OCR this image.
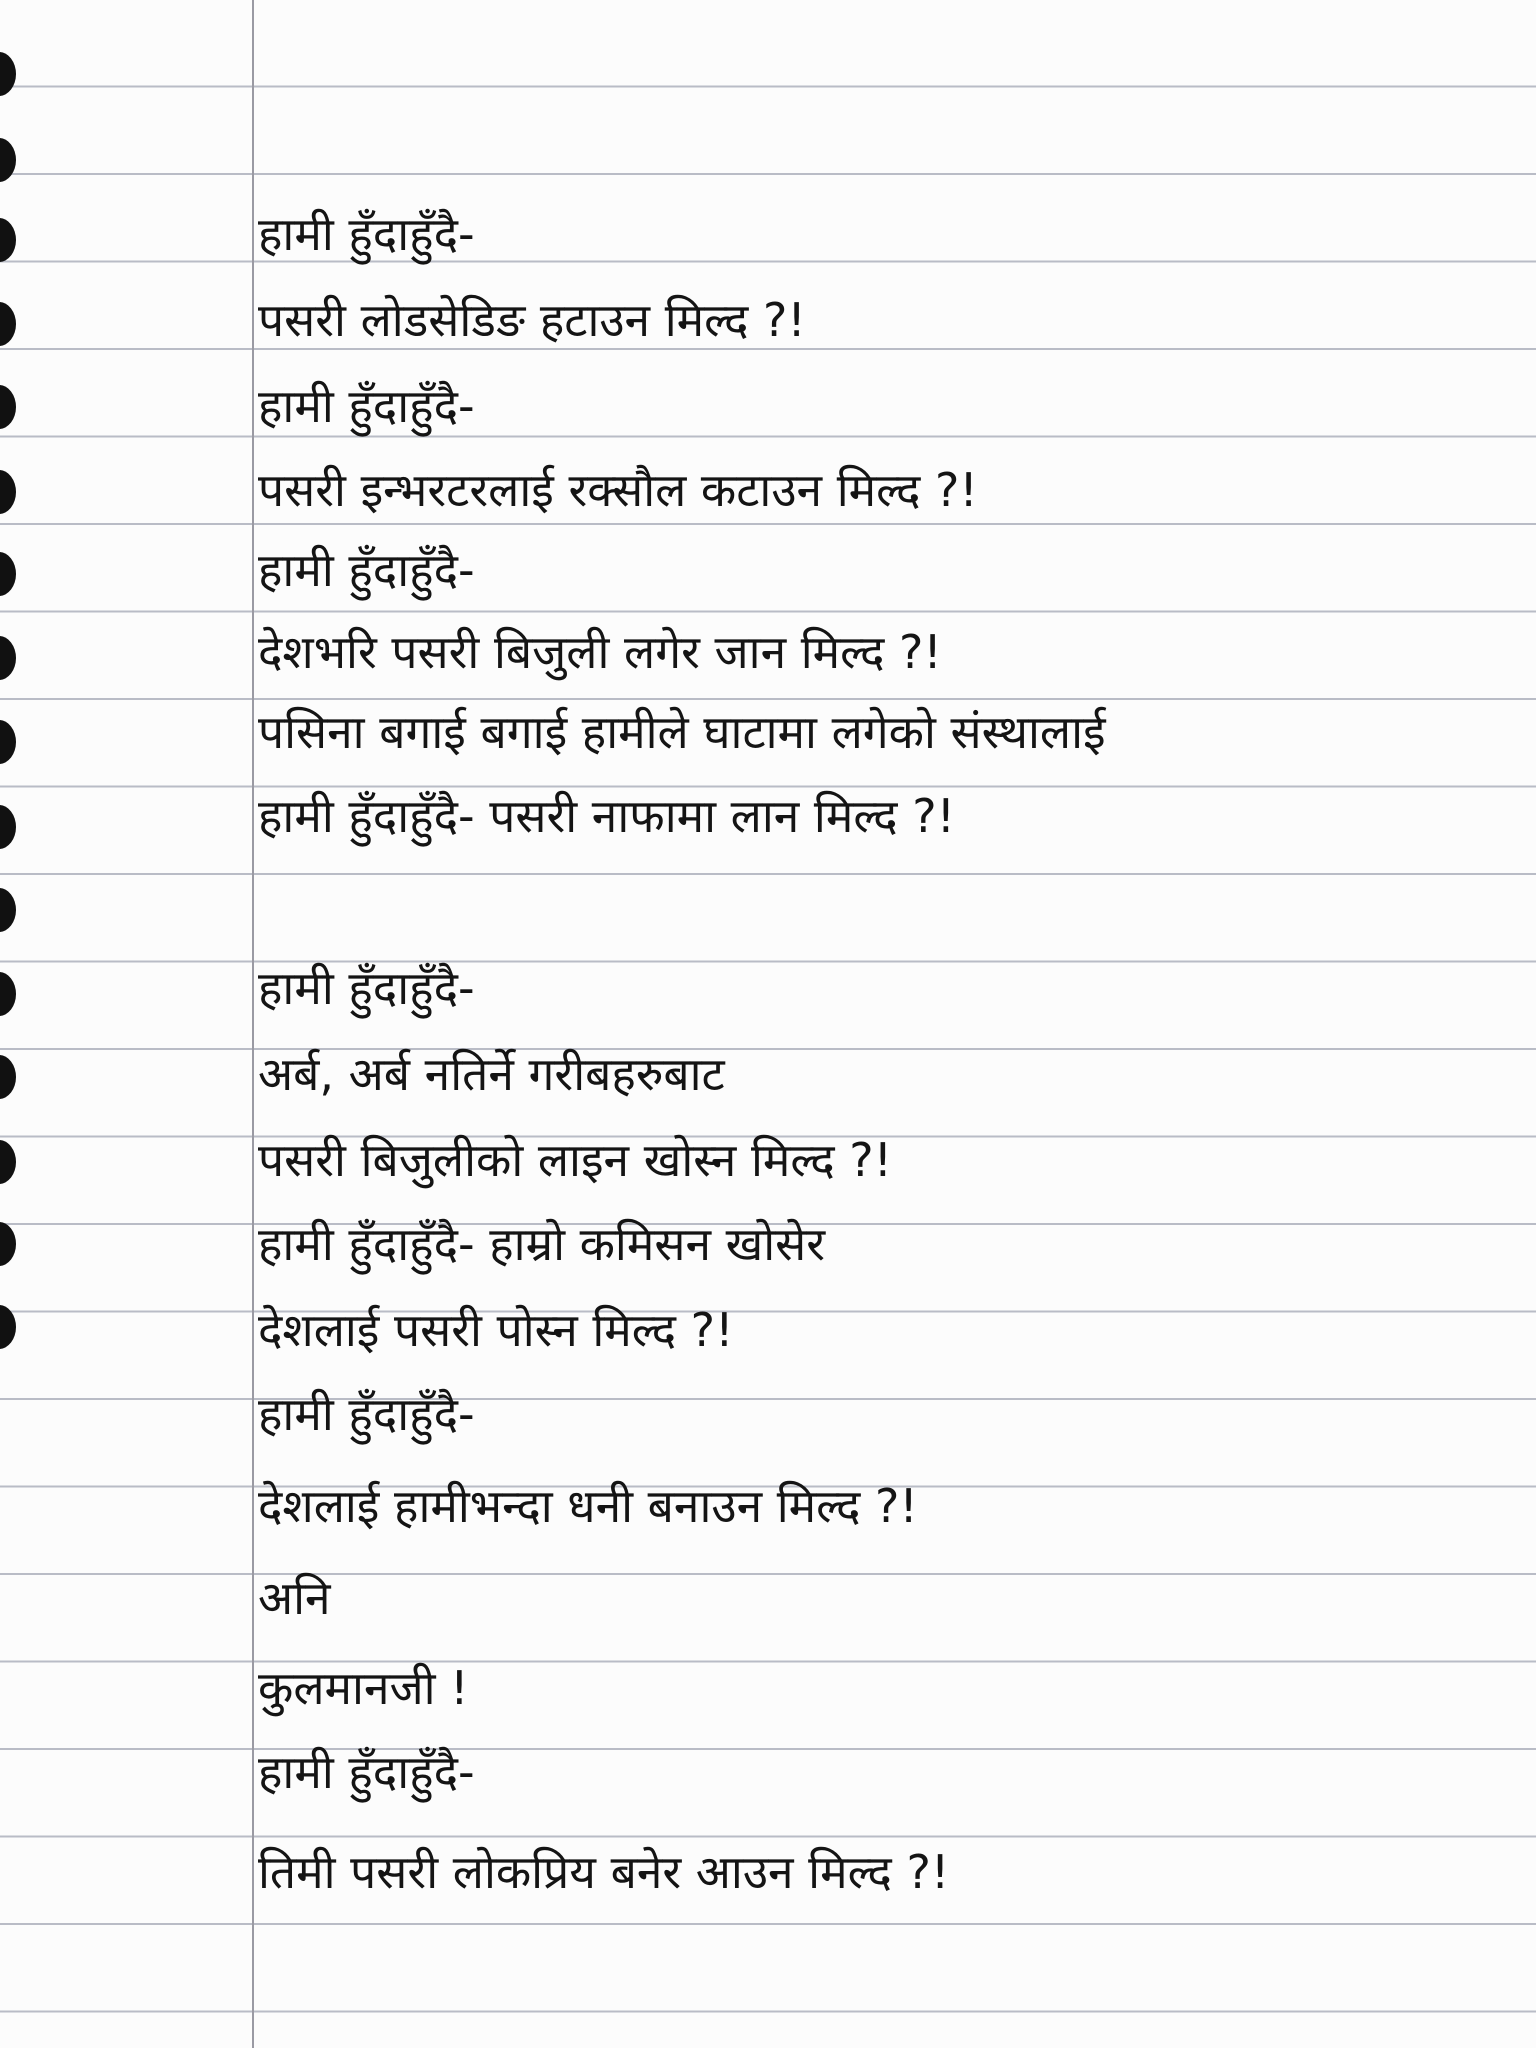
हामी हुँदाहुँदै-
पसरी लोडसेडिङ हटाउन मिल्द ?!
हामी हुँदाहुँदै-
पसरी इन्भरटरलाई रक्सौल कटाउन मिल्द ?!
हामी हुँदाहुँदै-
देशभरि पसरी बिजुली लगेर जान मिल्द ?!
पसिना बगाई बगाई हामीले घाटामा लगेको संस्थालाई
हामी हुँदाहुँदै- पसरी नाफामा लान मिल्द ?!
हामी हुँदाहुँदै-
अर्ब, अर्ब नतिर्ने गरीबहरुबाट
पसरी बिजुलीको लाइन खोस्न मिल्द ?!
हामी हुँदाहुँदै- हाम्रो कमिसन खोसेर
देशलाई पसरी पोस्न मिल्द ?!
हामी हुँदाहुँदै-
देशलाई हामीभन्दा धनी बनाउन मिल्द ?!
अनि
कुलमानजी !
हामी हुँदाहुँदै-
तिमी पसरी लोकप्रिय बनेर आउन मिल्द ?!
